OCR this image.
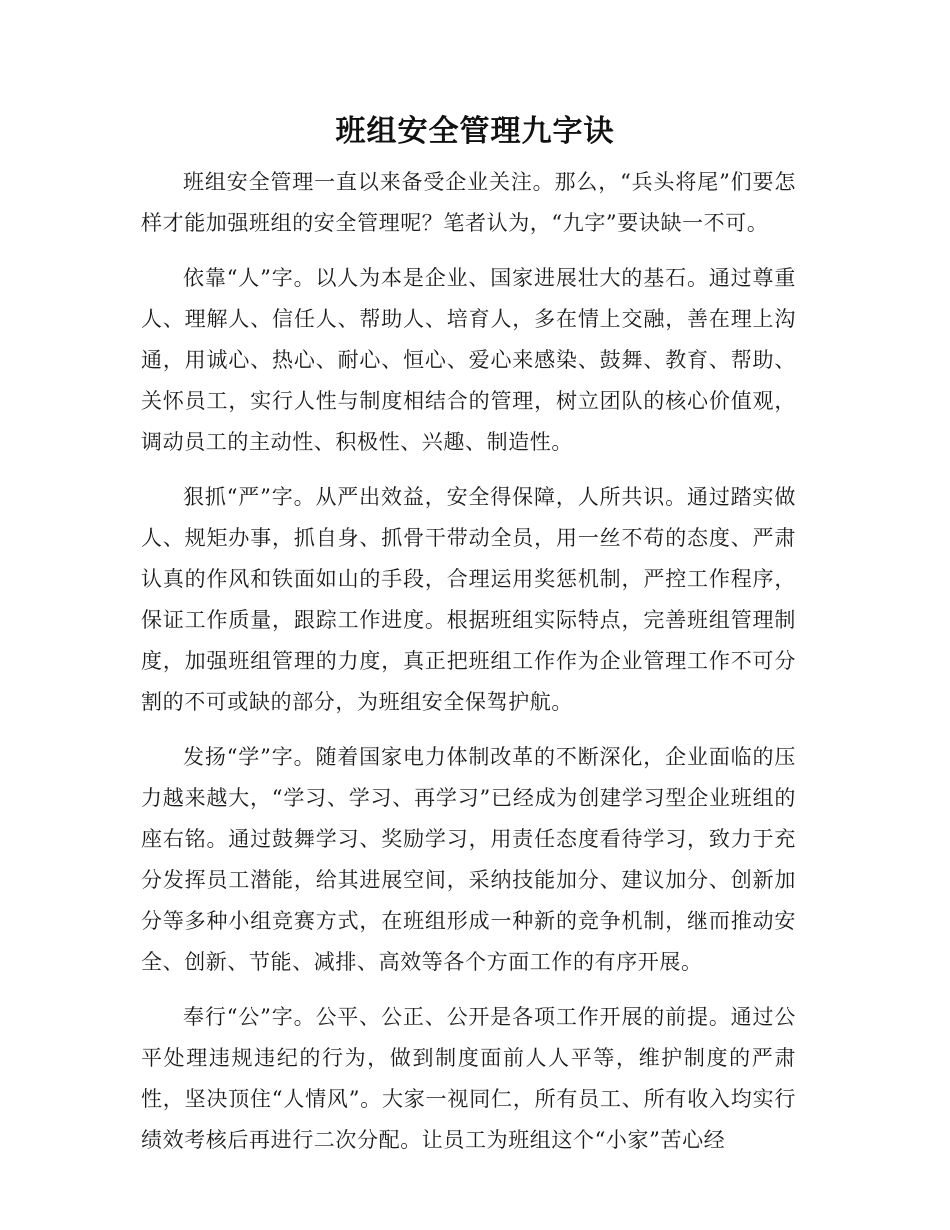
班组安全管理九字诀

班组安全管理一直以来备受企业关注。那么，“兵头将尾”们要怎样才能加强班组的安全管理呢？笔者认为，“九字”要诀缺一不可。

依靠“人”字。以人为本是企业、国家进展壮大的基石。通过尊重人、理解人、信任人、帮助人、培育人，多在情上交融，善在理上沟通，用诚心、热心、耐心、恒心、爱心来感染、鼓舞、教育、帮助、关怀员工，实行人性与制度相结合的管理，树立团队的核心价值观，调动员工的主动性、积极性、兴趣、制造性。

狠抓“严”字。从严出效益，安全得保障，人所共识。通过踏实做人、规矩办事，抓自身、抓骨干带动全员，用一丝不苟的态度、严肃认真的作风和铁面如山的手段，合理运用奖惩机制，严控工作程序，保证工作质量，跟踪工作进度。根据班组实际特点，完善班组管理制度，加强班组管理的力度，真正把班组工作作为企业管理工作不可分割的不可或缺的部分，为班组安全保驾护航。

发扬“学”字。随着国家电力体制改革的不断深化，企业面临的压力越来越大，“学习、学习、再学习”已经成为创建学习型企业班组的座右铭。通过鼓舞学习、奖励学习，用责任态度看待学习，致力于充分发挥员工潜能，给其进展空间，采纳技能加分、建议加分、创新加分等多种小组竞赛方式，在班组形成一种新的竞争机制，继而推动安全、创新、节能、减排、高效等各个方面工作的有序开展。

奉行“公”字。公平、公正、公开是各项工作开展的前提。通过公平处理违规违纪的行为，做到制度面前人人平等，维护制度的严肃性，坚决顶住“人情风”。大家一视同仁，所有员工、所有收入均实行绩效考核后再进行二次分配。让员工为班组这个“小家”苦心经
